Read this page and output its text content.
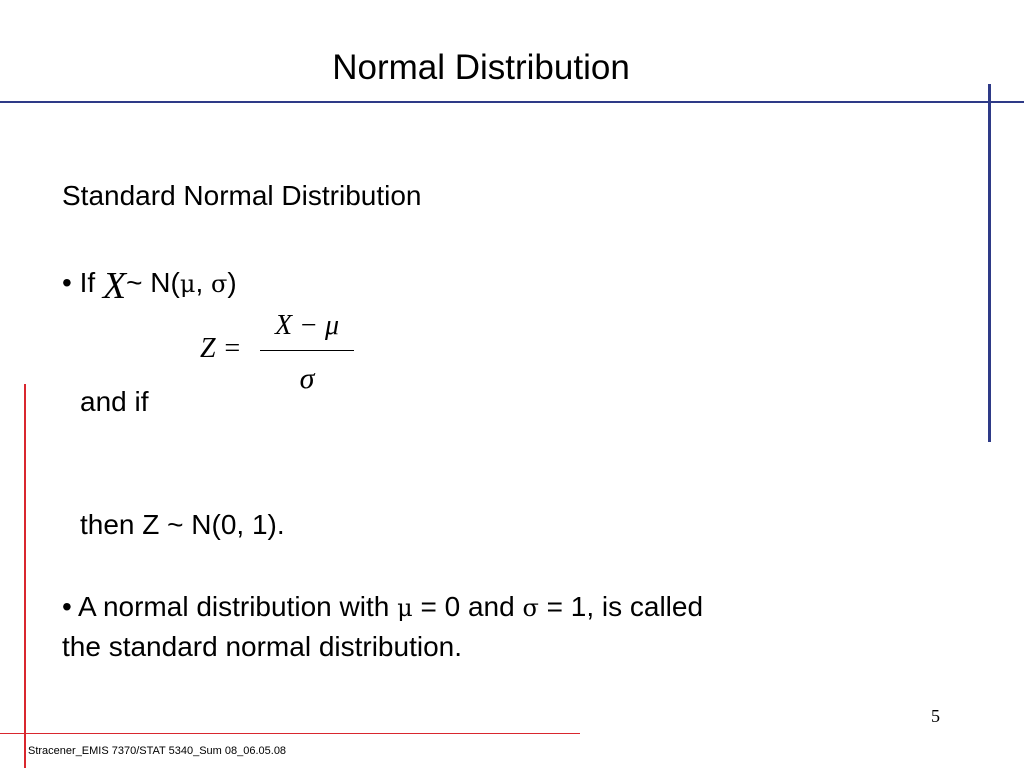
Normal Distribution
Standard Normal Distribution
• If X~ N(μ, σ)
Z =
X − μ
σ
and if
then Z ~ N(0, 1).
• A normal distribution with μ = 0 and σ = 1, is called
the standard normal distribution.
5
Stracener_EMIS 7370/STAT 5340_Sum 08_06.05.08
